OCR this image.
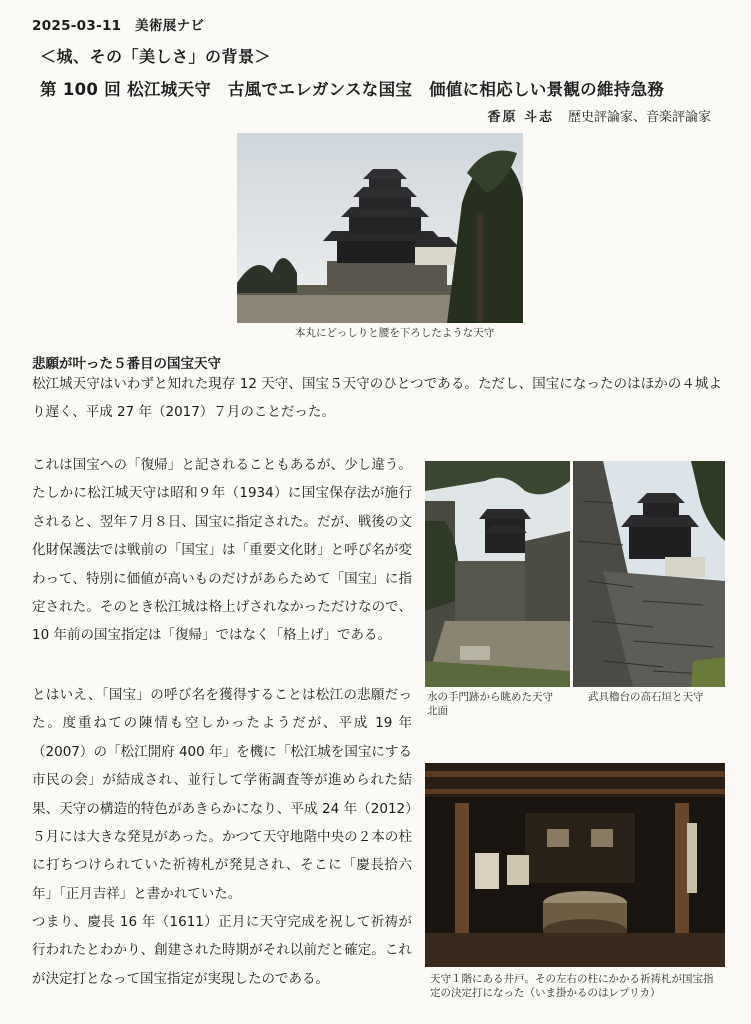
2025-03-11　 美術展ナビ
＜城、その「美しさ」の背景＞
第 100 回 松江城天守　古風でエレガンスな国宝　価値に相応しい景観の維持急務
香原 斗志 歴史評論家、音楽評論家
本丸にどっしりと腰を下ろしたような天守
悲願が叶った５番目の国宝天守
松江城天守はいわずと知れた現存 12 天守、国宝５天守のひとつである。ただし、国宝になったのはほかの４城より遅く、平成 27 年（2017）７月のことだった。
これは国宝への「復帰」と記されることもあるが、少し違う。たしかに松江城天守は昭和９年（1934）に国宝保存法が施行されると、翌年７月８日、国宝に指定された。だが、戦後の文化財保護法では戦前の「国宝」は「重要文化財」と呼び名が変わって、特別に価値が高いものだけがあらためて「国宝」に指定された。そのとき松江城は格上げされなかっただけなので、10 年前の国宝指定は「復帰」ではなく「格上げ」である。
とはいえ、「国宝」の呼び名を獲得することは松江の悲願だった。度重ねての陳情も空しかったようだが、平成 19 年（2007）の「松江開府 400 年」を機に「松江城を国宝にする市民の会」が結成され、並行して学術調査等が進められた結果、天守の構造的特色があきらかになり、平成 24 年（2012）５月には大きな発見があった。かつて天守地階中央の２本の柱に打ちつけられていた祈祷札が発見され、そこに「慶長拾六年」「正月吉祥」と書かれていた。
つまり、慶長 16 年（1611）正月に天守完成を祝して祈祷が行われたとわかり、創建された時期がそれ以前だと確定。これが決定打となって国宝指定が実現したのである。
水の手門跡から眺めた天守北面
武具櫓台の高石垣と天守
天守１階にある井戸。その左右の柱にかかる祈祷札が国宝指定の決定打になった（いま掛かるのはレプリカ）
